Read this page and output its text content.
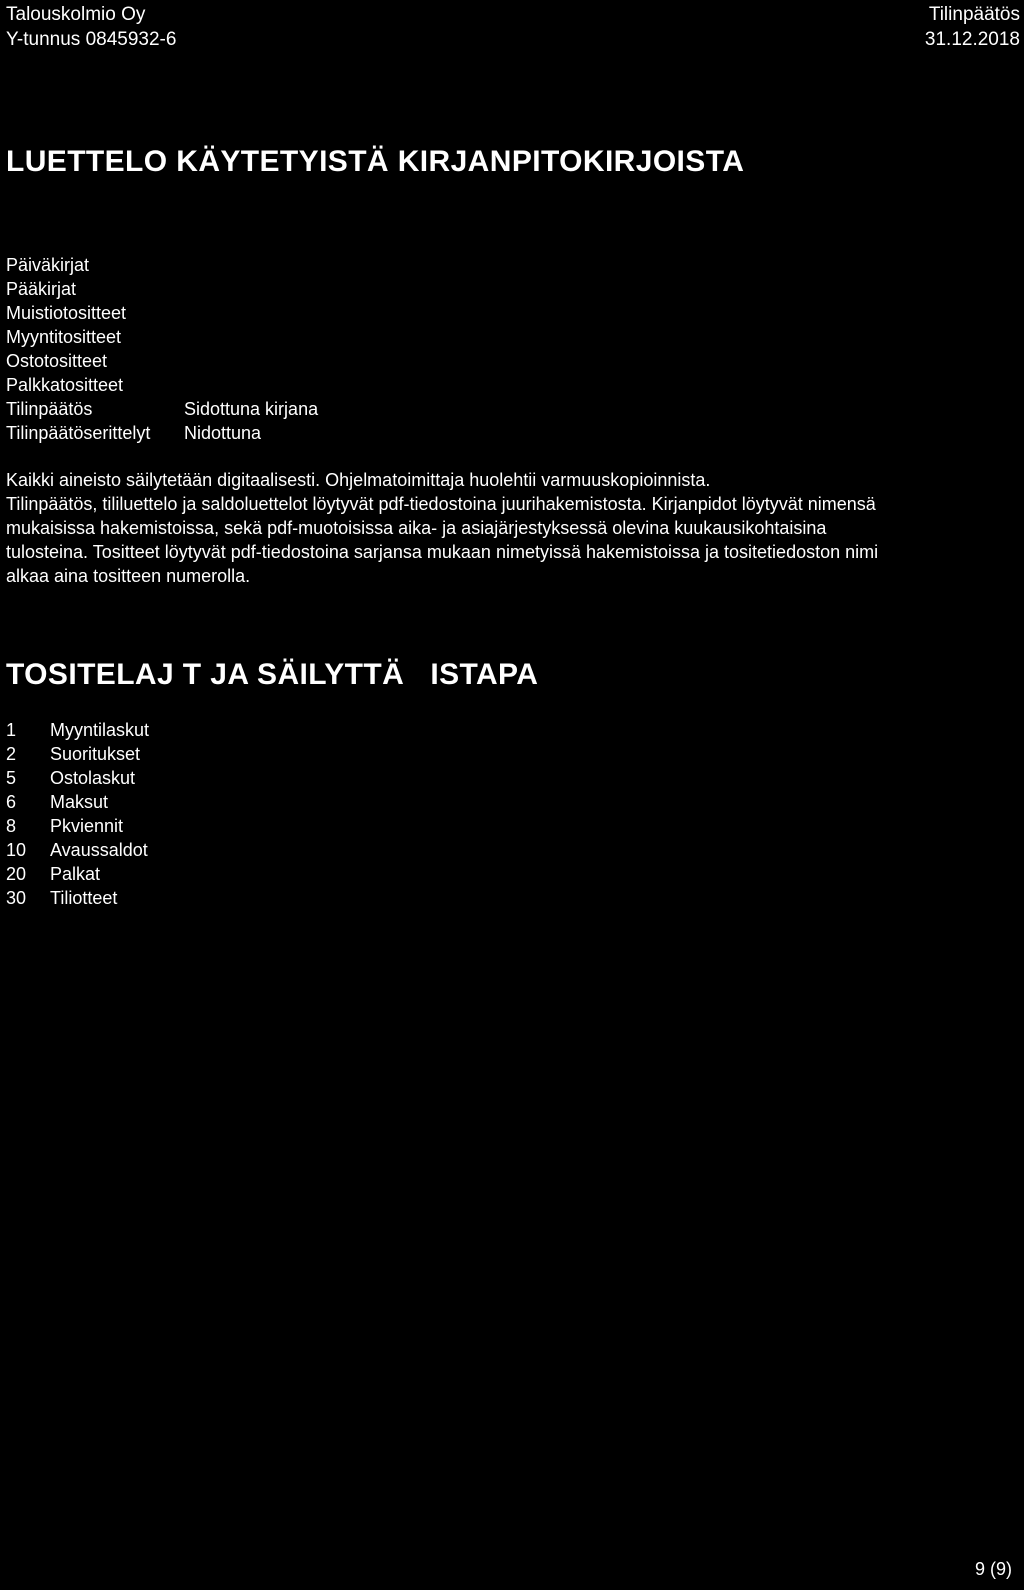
Talouskolmio Oy
Y-tunnus 0845932-6
Tilinpäätös
31.12.2018
LUETTELO KÄYTETYISTÄ KIRJANPITOKIRJOISTA
Päiväkirjat
Pääkirjat
Muistiotositteet
Myyntitositteet
Ostotositteet
Palkkatositteet
Tilinpäätös	Sidottuna kirjana
Tilinpäätöserittelyt	Nidottuna
Kaikki aineisto säilytetään digitaalisesti. Ohjelmatoimittaja huolehtii varmuuskopioinnista.
Tilinpäätös, tililuettelo ja saldoluettelot löytyvät pdf-tiedostoina juurihakemistosta. Kirjanpidot löytyvät nimensä
mukaisissa hakemistoissa, sekä pdf-muotoisissa aika- ja asiajärjestyksessä olevina kuukausikohtaisina
tulosteina. Tositteet löytyvät pdf-tiedostoina sarjansa mukaan nimetyissä hakemistoissa ja tositetiedoston nimi
alkaa aina tositteen numerolla.
TOSITELAJ T JA SÄILYTTÄ   ISTAPA
1	Myyntilaskut
2	Suoritukset
5	Ostolaskut
6	Maksut
8	Pkviennit
10	Avaussaldot
20	Palkat
30	Tiliotteet
9 (9)
